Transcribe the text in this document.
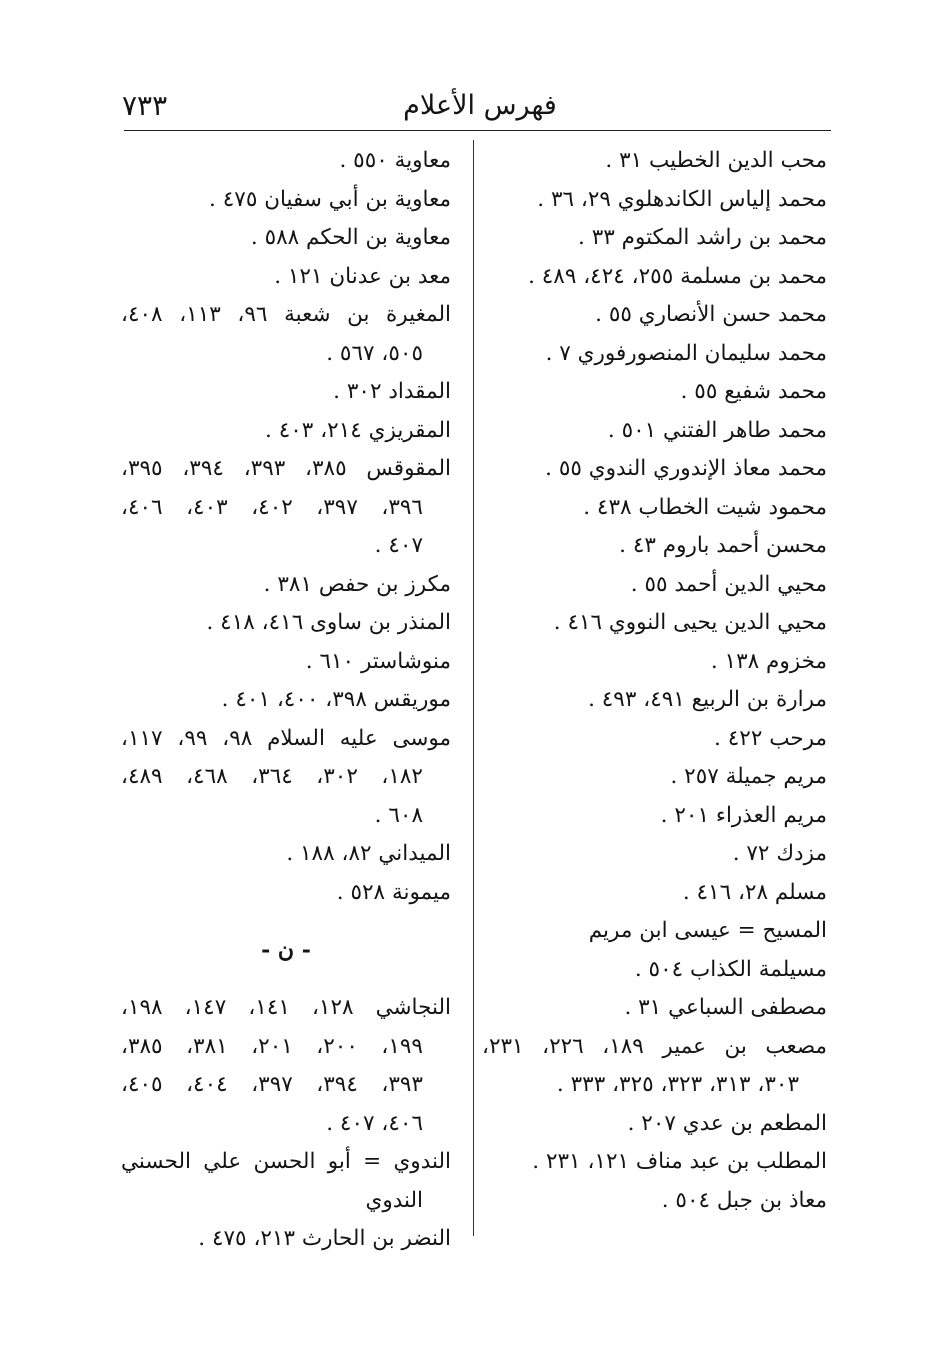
٧٣٣	فهرس الأعلام
محب الدين الخطيب ٣١ .
محمد إلياس الكاندهلوي ٢٩، ٣٦ .
محمد بن راشد المكتوم ٣٣ .
محمد بن مسلمة ٢٥٥، ٤٢٤، ٤٨٩ .
محمد حسن الأنصاري ٥٥ .
محمد سليمان المنصورفوري ٧ .
محمد شفيع ٥٥ .
محمد طاهر الفتني ٥٠١ .
محمد معاذ الإندوري الندوي ٥٥ .
محمود شيت الخطاب ٤٣٨ .
محسن أحمد باروم ٤٣ .
محيي الدين أحمد ٥٥ .
محيي الدين يحيى النووي ٤١٦ .
مخزوم ١٣٨ .
مرارة بن الربيع ٤٩١، ٤٩٣ .
مرحب ٤٢٢ .
مريم جميلة ٢٥٧ .
مريم العذراء ٢٠١ .
مزدك ٧٢ .
مسلم ٢٨، ٤١٦ .
المسيح = عيسى ابن مريم
مسيلمة الكذاب ٥٠٤ .
مصطفى السباعي ٣١ .
مصعب بن عمير ١٨٩، ٢٢٦، ٢٣١،
٣٠٣، ٣١٣، ٣٢٣، ٣٢٥، ٣٣٣ .
المطعم بن عدي ٢٠٧ .
المطلب بن عبد مناف ١٢١، ٢٣١ .
معاذ بن جبل ٥٠٤ .
معاوية ٥٥٠ .
معاوية بن أبي سفيان ٤٧٥ .
معاوية بن الحكم ٥٨٨ .
معد بن عدنان ١٢١ .
المغيرة بن شعبة ٩٦، ١١٣، ٤٠٨،
٥٠٥، ٥٦٧ .
المقداد ٣٠٢ .
المقريزي ٢١٤، ٤٠٣ .
المقوقس ٣٨٥، ٣٩٣، ٣٩٤، ٣٩٥،
٣٩٦، ٣٩٧، ٤٠٢، ٤٠٣، ٤٠٦،
٤٠٧ .
مكرز بن حفص ٣٨١ .
المنذر بن ساوى ٤١٦، ٤١٨ .
منوشاستر ٦١٠ .
موريقس ٣٩٨، ٤٠٠، ٤٠١ .
موسى عليه السلام ٩٨، ٩٩، ١١٧،
١٨٢، ٣٠٢، ٣٦٤، ٤٦٨، ٤٨٩،
٦٠٨ .
الميداني ٨٢، ١٨٨ .
ميمونة ٥٢٨ .
- ن -
النجاشي ١٢٨، ١٤١، ١٤٧، ١٩٨،
١٩٩، ٢٠٠، ٢٠١، ٣٨١، ٣٨٥،
٣٩٣، ٣٩٤، ٣٩٧، ٤٠٤، ٤٠٥،
٤٠٦، ٤٠٧ .
الندوي = أبو الحسن علي الحسني
الندوي
النضر بن الحارث ٢١٣، ٤٧٥ .
